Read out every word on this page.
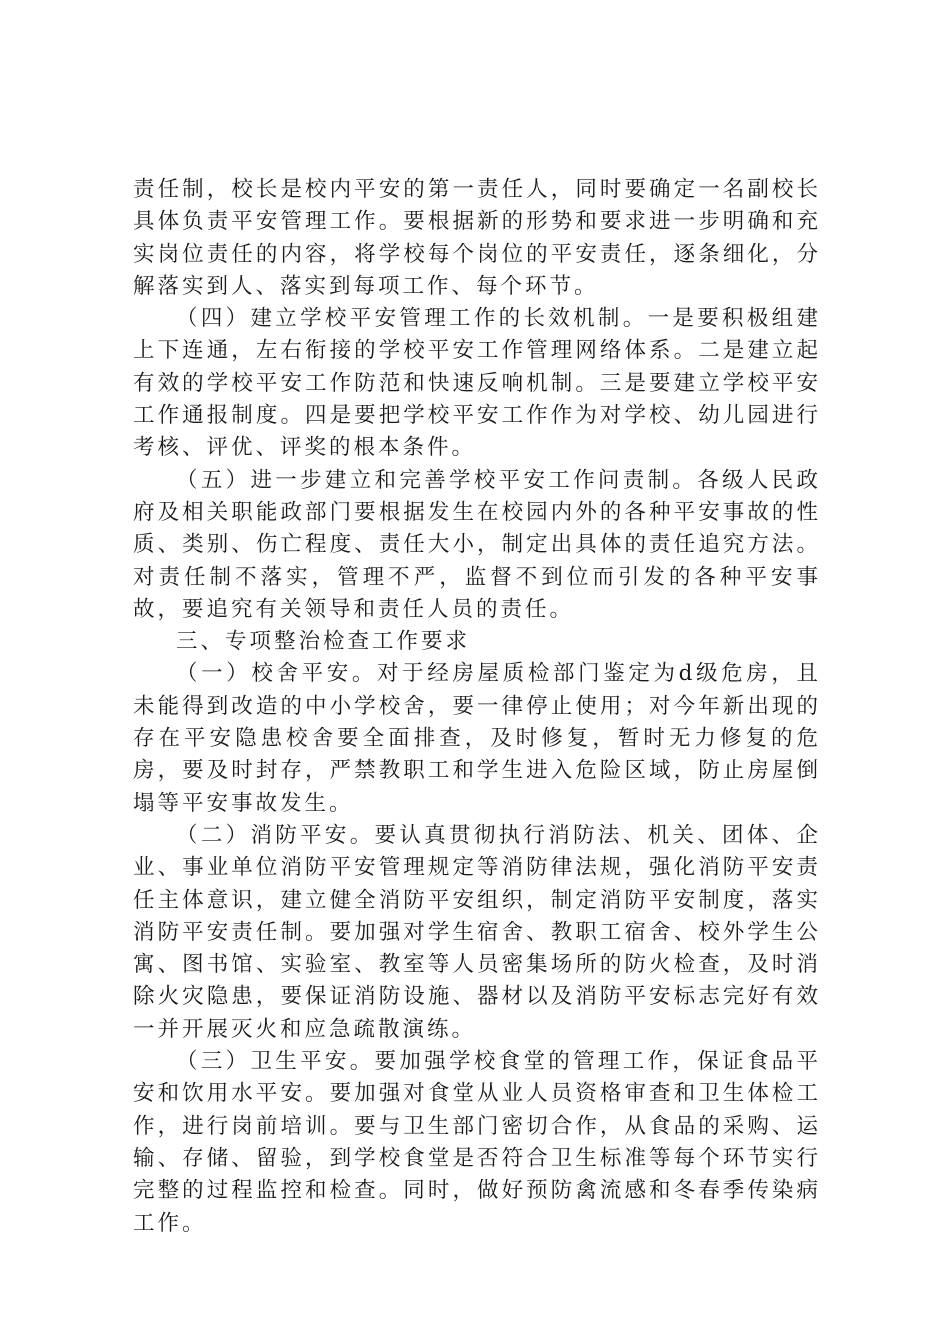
责任制，校长是校内平安的第一责任人，同时要确定一名副校长具体负责平安管理工作。要根据新的形势和要求进一步明确和充实岗位责任的内容，将学校每个岗位的平安责任，逐条细化，分解落实到人、落实到每项工作、每个环节。

（四）建立学校平安管理工作的长效机制。一是要积极组建上下连通，左右衔接的学校平安工作管理网络体系。二是建立起有效的学校平安工作防范和快速反响机制。三是要建立学校平安工作通报制度。四是要把学校平安工作作为对学校、幼儿园进行考核、评优、评奖的根本条件。

（五）进一步建立和完善学校平安工作问责制。各级人民政府及相关职能政部门要根据发生在校园内外的各种平安事故的性质、类别、伤亡程度、责任大小，制定出具体的责任追究方法。对责任制不落实，管理不严，监督不到位而引发的各种平安事故，要追究有关领导和责任人员的责任。

三、专项整治检查工作要求

（一）校舍平安。对于经房屋质检部门鉴定为d级危房，且未能得到改造的中小学校舍，要一律停止使用；对今年新出现的存在平安隐患校舍要全面排查，及时修复，暂时无力修复的危房，要及时封存，严禁教职工和学生进入危险区域，防止房屋倒塌等平安事故发生。

（二）消防平安。要认真贯彻执行消防法、机关、团体、企业、事业单位消防平安管理规定等消防律法规，强化消防平安责任主体意识，建立健全消防平安组织，制定消防平安制度，落实消防平安责任制。要加强对学生宿舍、教职工宿舍、校外学生公寓、图书馆、实验室、教室等人员密集场所的防火检查，及时消除火灾隐患，要保证消防设施、器材以及消防平安标志完好有效一并开展灭火和应急疏散演练。

（三）卫生平安。要加强学校食堂的管理工作，保证食品平安和饮用水平安。要加强对食堂从业人员资格审查和卫生体检工作，进行岗前培训。要与卫生部门密切合作，从食品的采购、运输、存储、留验，到学校食堂是否符合卫生标准等每个环节实行完整的过程监控和检查。同时，做好预防禽流感和冬春季传染病工作。
